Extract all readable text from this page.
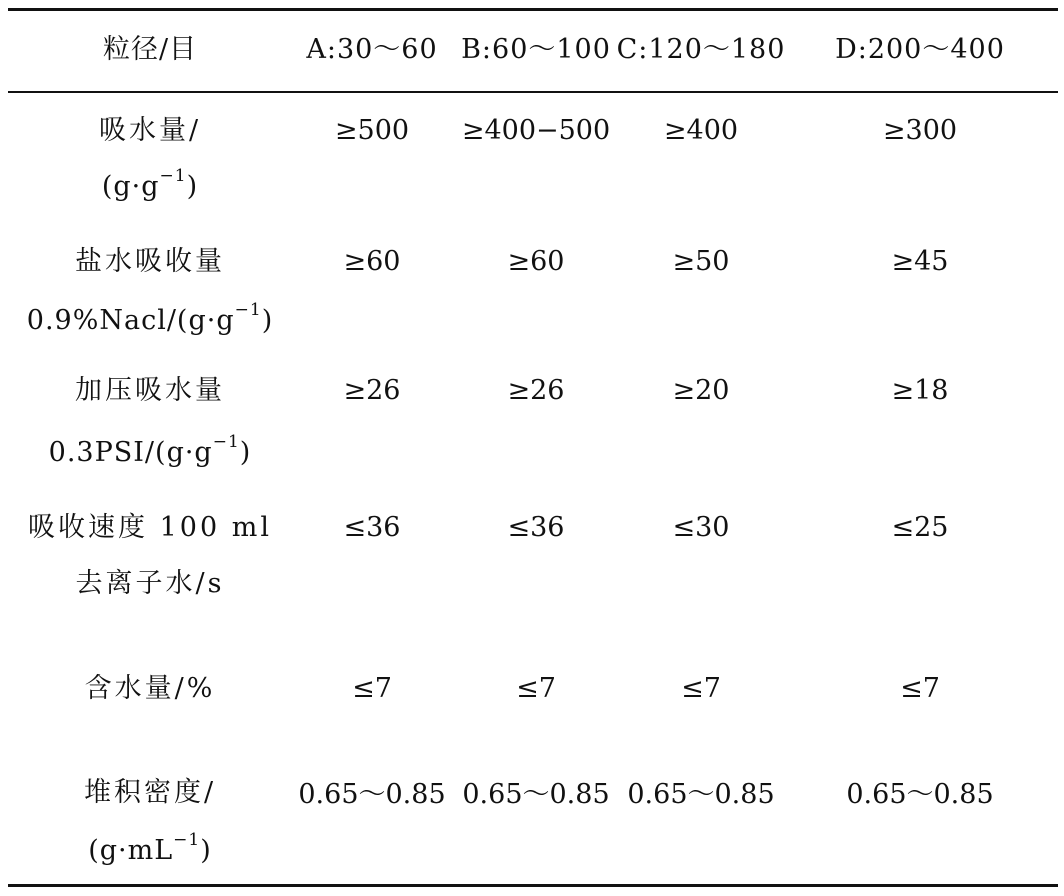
粒径/目	A:30～60 B:60～100 C:120～180 D:200～400
吸水量/
$(g\cdot g^{-1})$
≥500 ≥400−500 ≥400	≥300
盐水吸收量
$0.9\%Nacl/(g\cdot g^{-1})$
≥60	≥60	≥50	≥45
加压吸水量
$0.3PSI/(g\cdot g^{-1})$
≥26	≥26	≥20	≥18
吸收速度 100 ml
去离子水/s
≤36	≤36	≤30	≤25
含水量/%	≤7	≤7	≤7	≤7
堆积密度/
$(g\cdot mL^{-1})$
0.65～0.85 0.65～0.85 0.65～0.85	0.65～0.85
